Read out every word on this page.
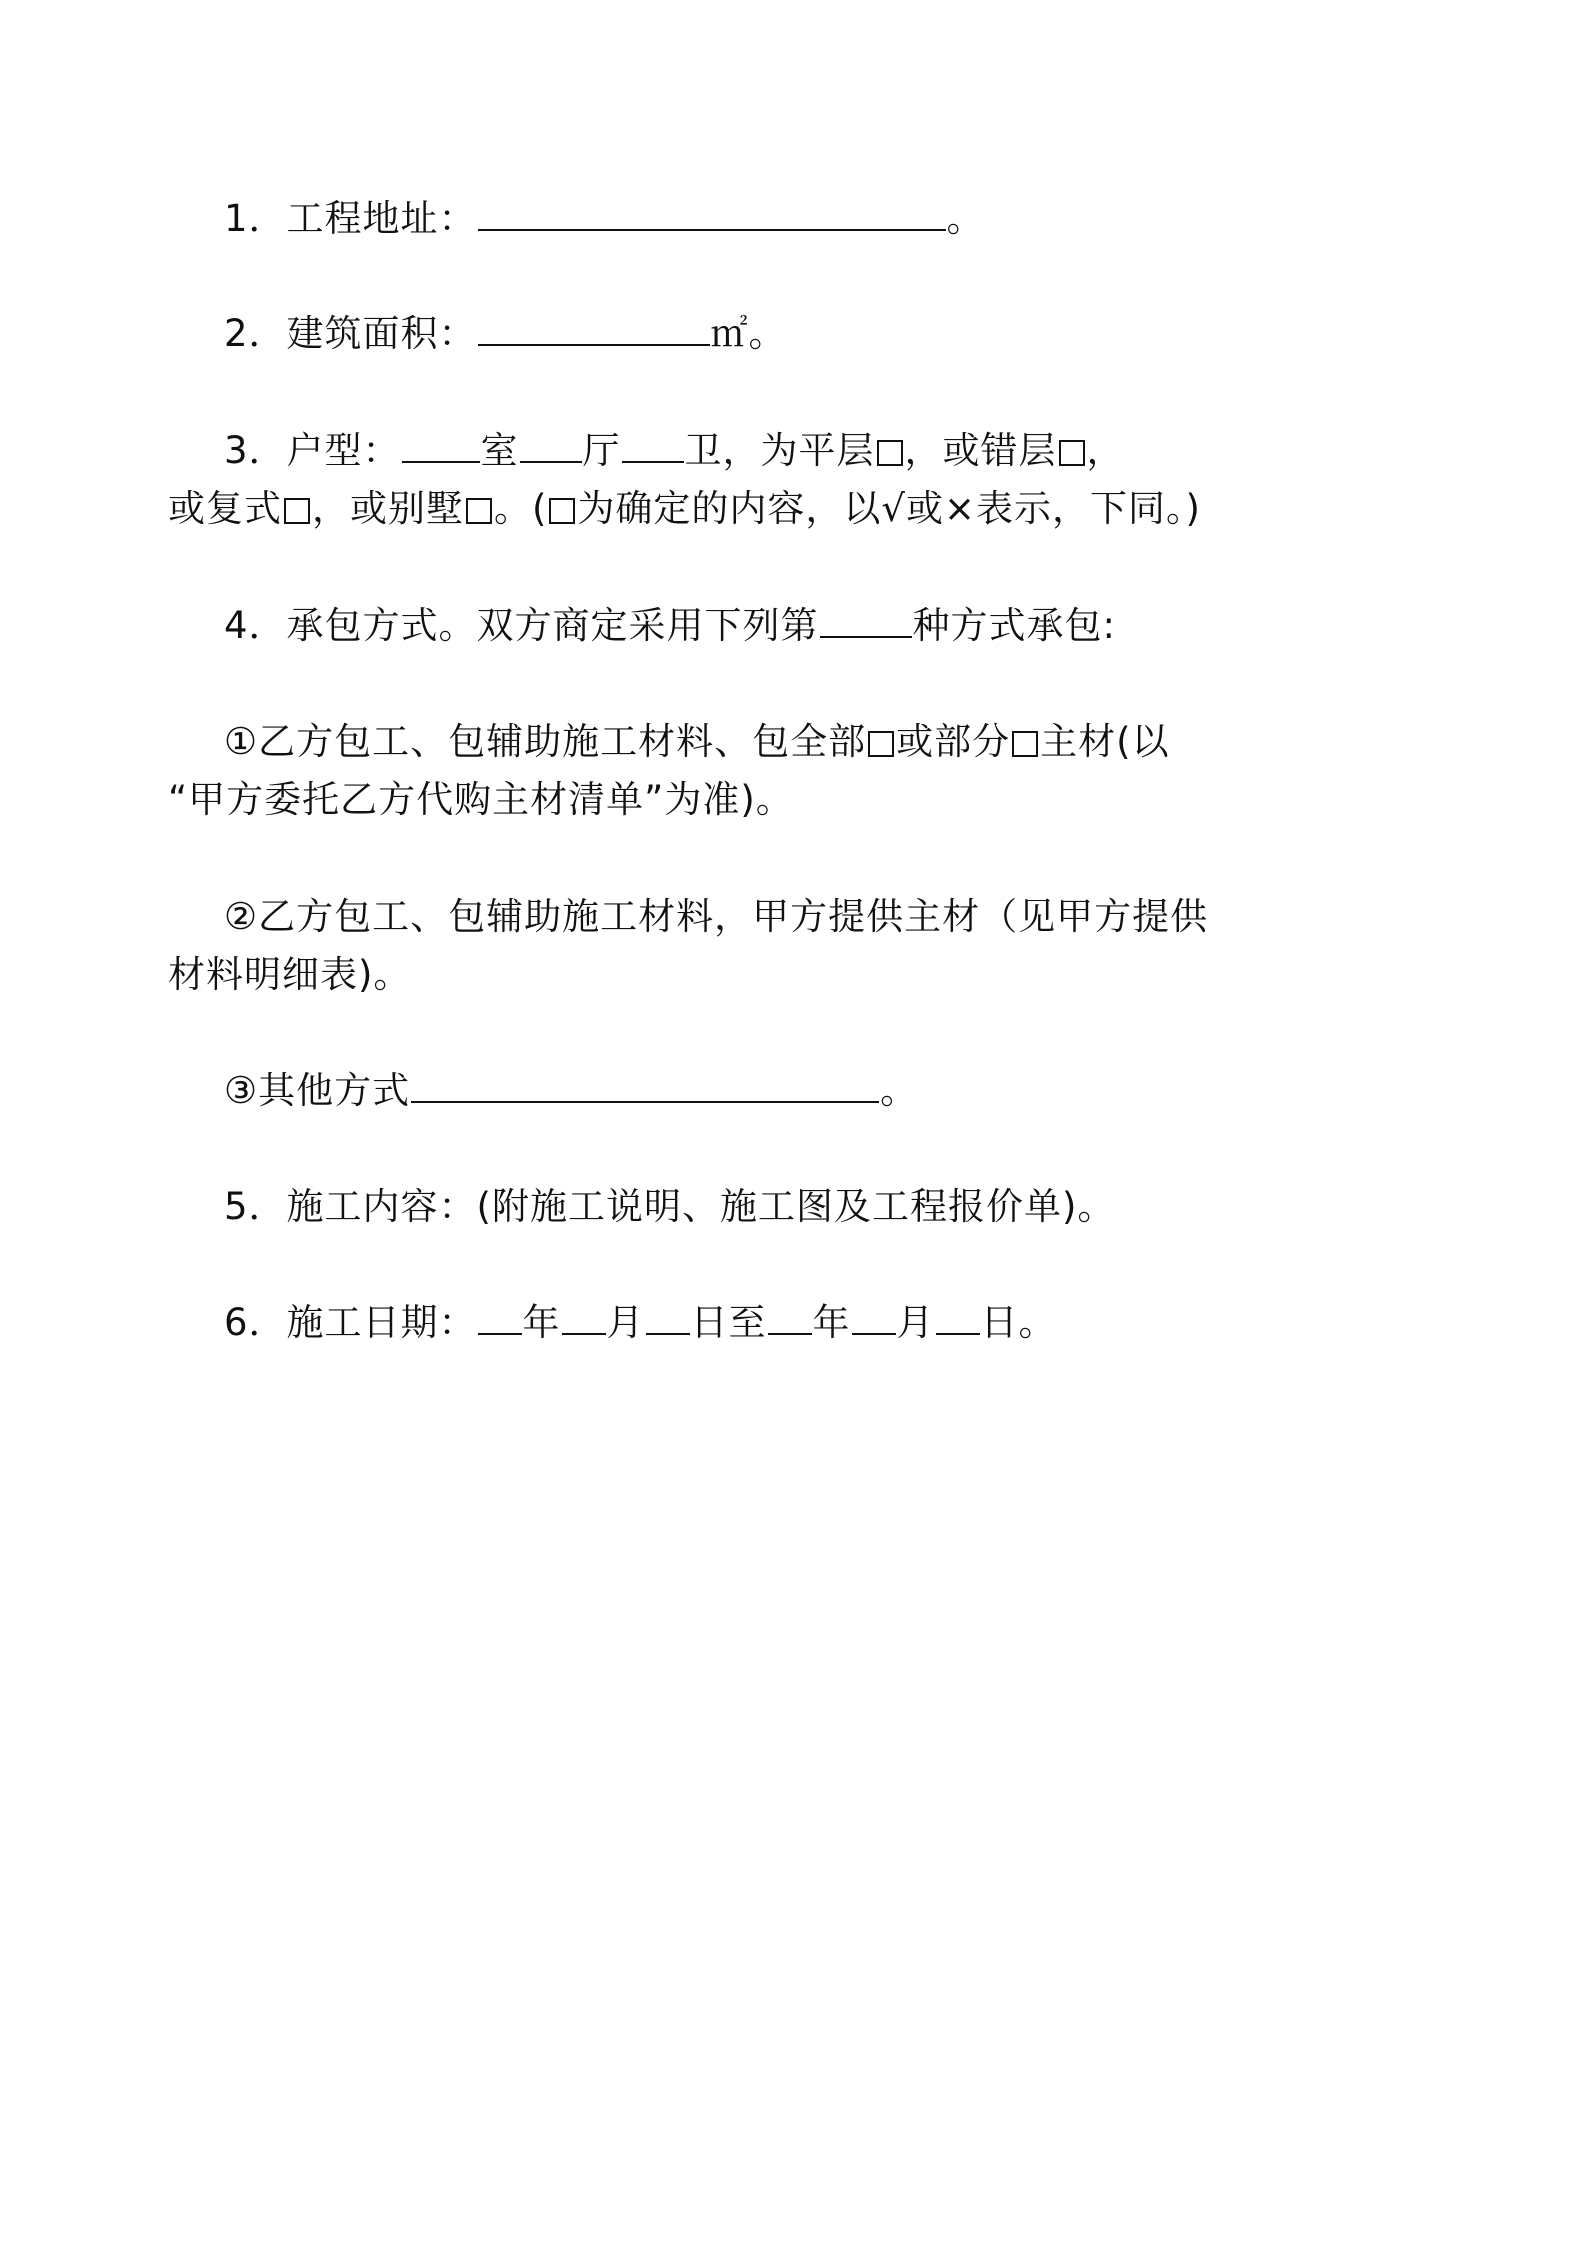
1．工程地址：	。
2．建筑面积：	㎡。
3．户型： 室 厅 卫，为平层 ，或错层 ，
或复式 ，或别墅 。( 为确定的内容，以√或×表示，下同。)
4．承包方式。双方商定采用下列第	种方式承包:
①乙方包工、包辅助施工材料、包全部 或部分 主材(以
“甲方委托乙方代购主材清单”为准)。
②乙方包工、包辅助施工材料，甲方提供主材（见甲方提供
材料明细表)。
③其他方式	。
5．施工内容：(附施工说明、施工图及工程报价单)。
6．施工日期： 年 月 日至 年 月 日。
